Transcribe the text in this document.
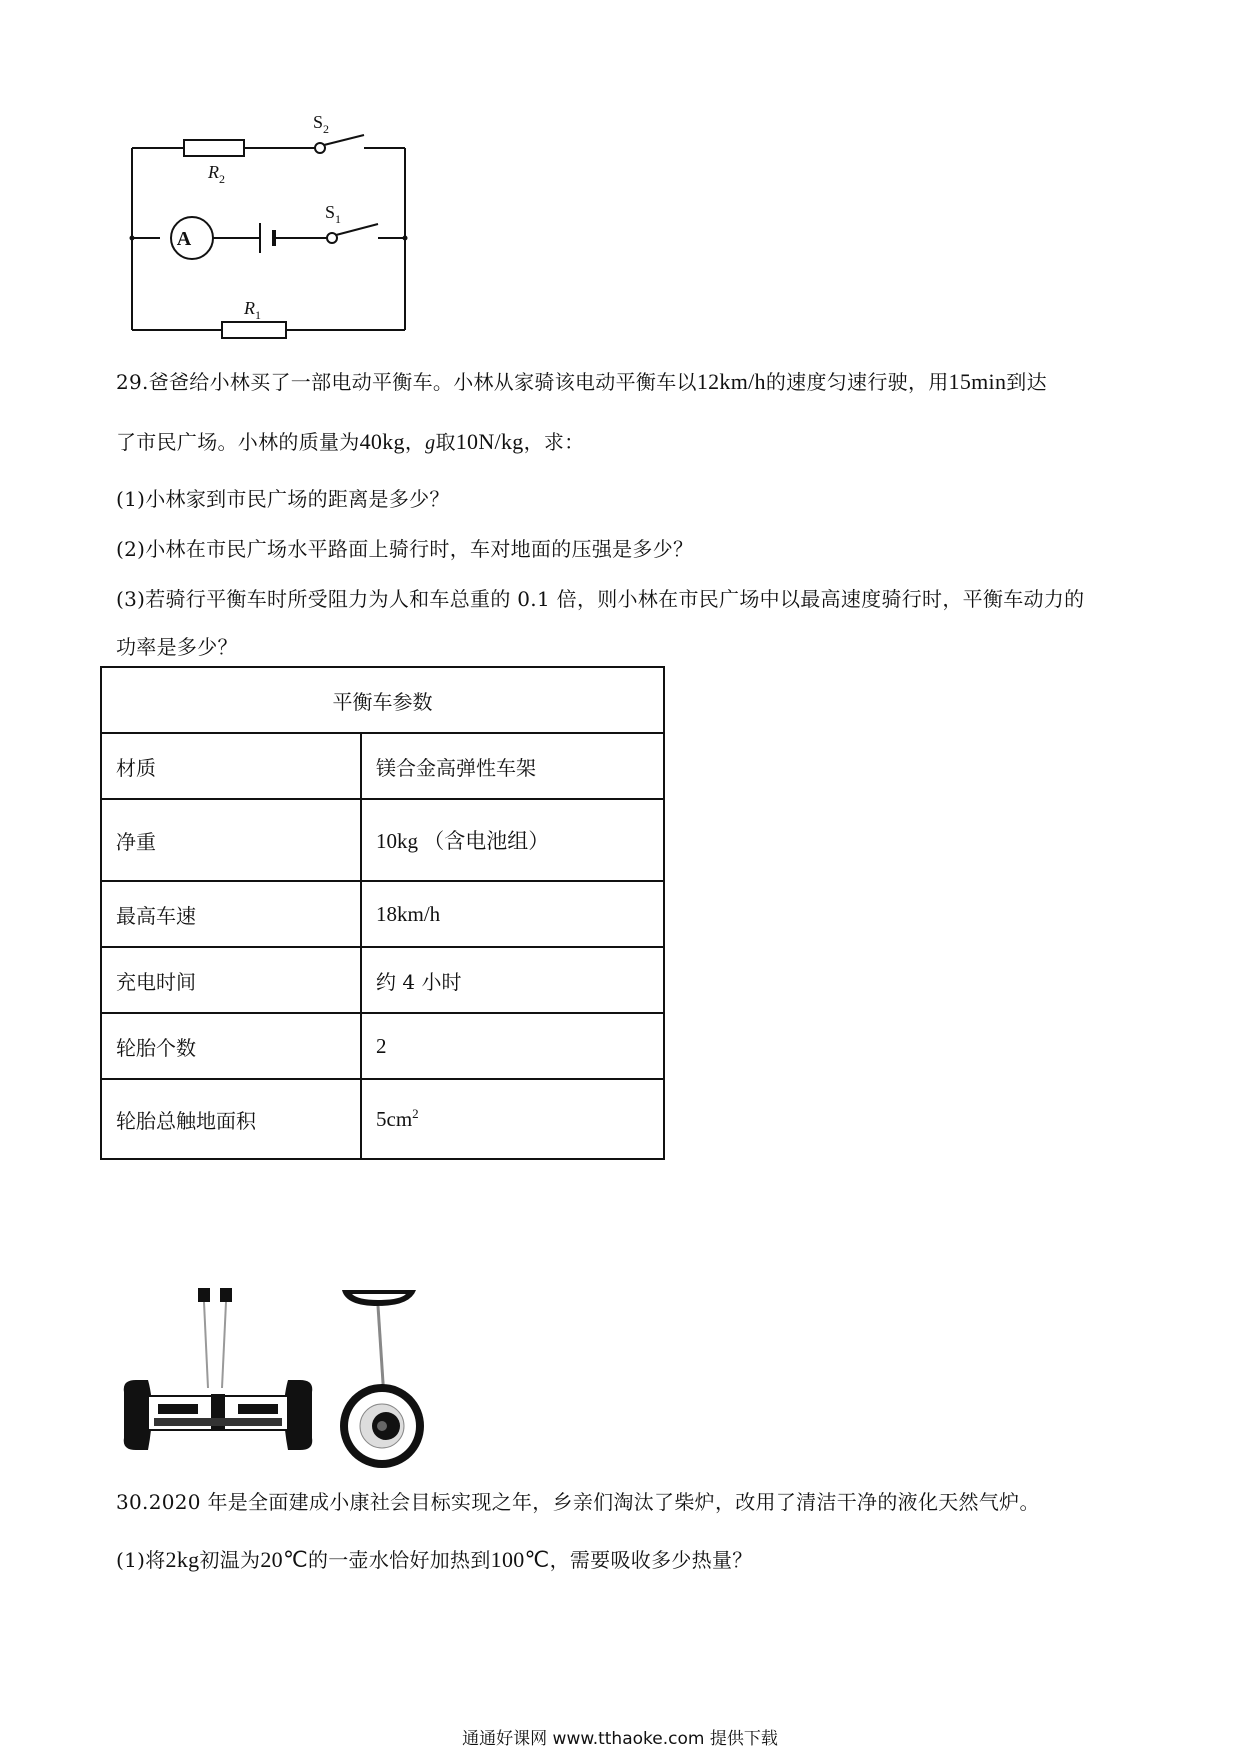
$S_2$
$R_2$
A
$S_1$
$R_1$
29.爸爸给小林买了一部电动平衡车。小林从家骑该电动平衡车以12km/h的速度匀速行驶，用15min到达
了市民广场。小林的质量为40kg，g取10N/kg，求：
(1)小林家到市民广场的距离是多少？
(2)小林在市民广场水平路面上骑行时，车对地面的压强是多少？
(3)若骑行平衡车时所受阻力为人和车总重的 0.1 倍，则小林在市民广场中以最高速度骑行时，平衡车动力的
功率是多少？
平衡车参数	
材质	镁合金高弹性车架
净重	10kg （含电池组）
最高车速	18km/h
充电时间	约 4 小时
轮胎个数	2
轮胎总触地面积	$5cm^2$
30.2020 年是全面建成小康社会目标实现之年，乡亲们淘汰了柴炉，改用了清洁干净的液化天然气炉。
(1)将2kg初温为20℃的一壶水恰好加热到100℃，需要吸收多少热量？
通通好课网 www.tthaoke.com 提供下载
